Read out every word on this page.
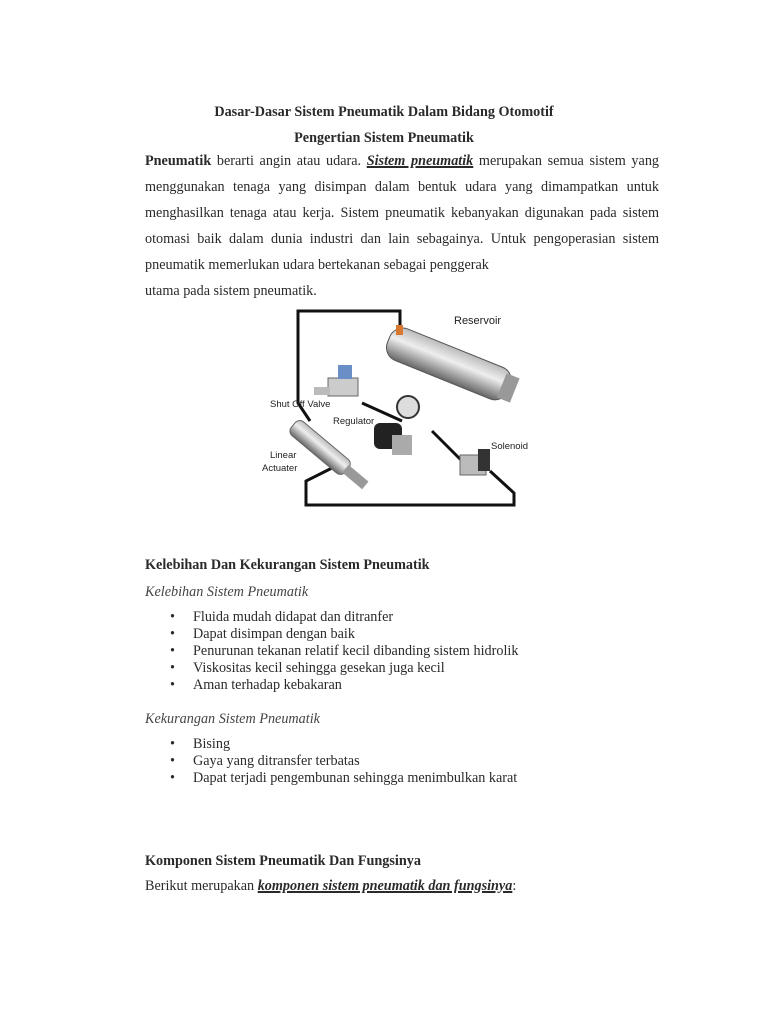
Dasar-Dasar Sistem Pneumatik Dalam Bidang Otomotif
Pengertian Sistem Pneumatik
Pneumatik berarti angin atau udara. Sistem pneumatik merupakan semua sistem yang menggunakan tenaga yang disimpan dalam bentuk udara yang dimampatkan untuk menghasilkan tenaga atau kerja. Sistem pneumatik kebanyakan digunakan pada sistem otomasi baik dalam dunia industri dan lain sebagainya. Untuk pengoperasian sistem pneumatik memerlukan udara bertekanan sebagai penggerak
utama pada sistem pneumatik.
Reservoir
Shut Off Valve
Regulator
Solenoid
Linear
Actuater
Kelebihan Dan Kekurangan Sistem Pneumatik
Kelebihan Sistem Pneumatik
• Fluida mudah didapat dan ditranfer
• Dapat disimpan dengan baik
• Penurunan tekanan relatif kecil dibanding sistem hidrolik
• Viskositas kecil sehingga gesekan juga kecil
• Aman terhadap kebakaran
Kekurangan Sistem Pneumatik
• Bising
• Gaya yang ditransfer terbatas
• Dapat terjadi pengembunan sehingga menimbulkan karat
Komponen Sistem Pneumatik Dan Fungsinya
Berikut merupakan komponen sistem pneumatik dan fungsinya:
